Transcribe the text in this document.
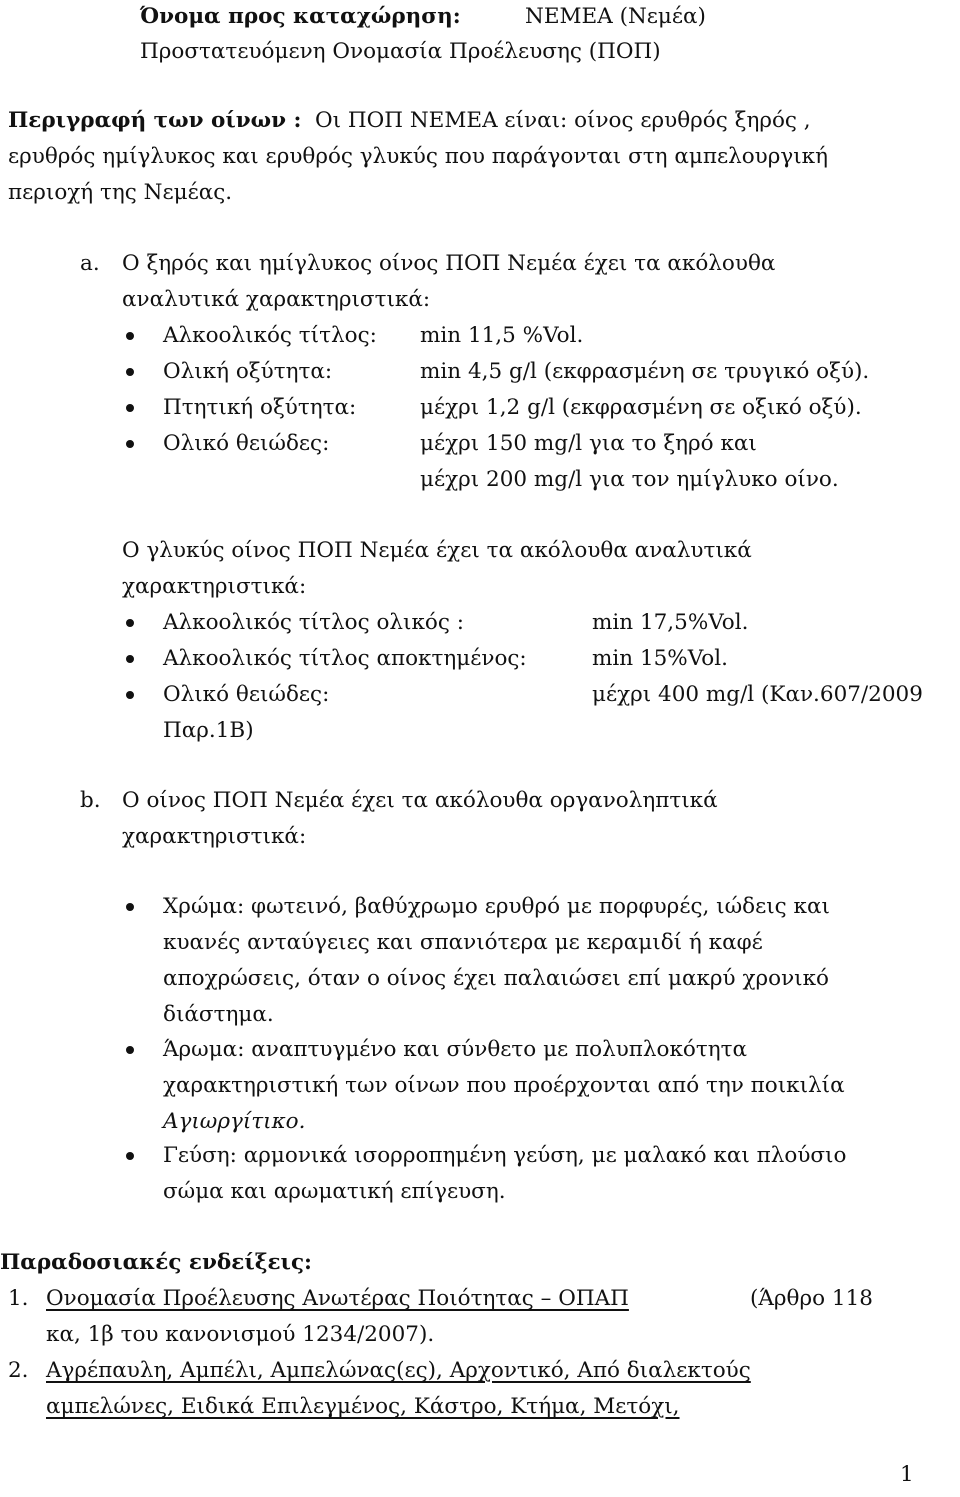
Όνομα προς καταχώρηση:	ΝΕΜΕΑ (Νεμέα)
Προστατευόμενη Ονομασία Προέλευσης (ΠΟΠ)
Περιγραφή των οίνων : Οι ΠΟΠ ΝΕΜΕΑ είναι: οίνος ερυθρός ξηρός ,
ερυθρός ημίγλυκος και ερυθρός γλυκύς που παράγονται στη αμπελουργική
περιοχή της Νεμέας.
a. Ο ξηρός και ημίγλυκος οίνος ΠΟΠ Νεμέα έχει τα ακόλουθα
αναλυτικά χαρακτηριστικά:
Αλκοολικός τίτλος: min 11,5 %Vol.
Ολική οξύτητα:	min 4,5 g/l (εκφρασμένη σε τρυγικό οξύ).
Πτητική οξύτητα:	μέχρι 1,2 g/l (εκφρασμένη σε οξικό οξύ).
Ολικό θειώδες:	μέχρι 150 mg/l για το ξηρό και
μέχρι 200 mg/l για τον ημίγλυκο οίνο.
Ο γλυκύς οίνος ΠΟΠ Νεμέα έχει τα ακόλουθα αναλυτικά
χαρακτηριστικά:
Αλκοολικός τίτλος ολικός :	min 17,5%Vol.
Αλκοολικός τίτλος αποκτημένος:	min 15%Vol.
Ολικό θειώδες:	μέχρι 400 mg/l (Καν.607/2009
Παρ.1Β)
b. Ο οίνος ΠΟΠ Νεμέα έχει τα ακόλουθα οργανοληπτικά
χαρακτηριστικά:
Χρώμα: φωτεινό, βαθύχρωμο ερυθρό με πορφυρές, ιώδεις και
κυανές ανταύγειες και σπανιότερα με κεραμιδί ή καφέ
αποχρώσεις, όταν ο οίνος έχει παλαιώσει επί μακρύ χρονικό
διάστημα.
Άρωμα: αναπτυγμένο και σύνθετο με πολυπλοκότητα
χαρακτηριστική των οίνων που προέρχονται από την ποικιλία
Αγιωργίτικο.
Γεύση: αρμονικά ισορροπημένη γεύση, με μαλακό και πλούσιο
σώμα και αρωματική επίγευση.
Παραδοσιακές ενδείξεις:
1. Ονομασία Προέλευσης Ανωτέρας Ποιότητας – ΟΠΑΠ	(Άρθρο 118
κα, 1β του κανονισμού 1234/2007).
2. Αγρέπαυλη, Αμπέλι, Αμπελώνας(ες), Αρχοντικό, Από διαλεκτούς
αμπελώνες, Ειδικά Επιλεγμένος, Κάστρο, Κτήμα, Μετόχι,
1
